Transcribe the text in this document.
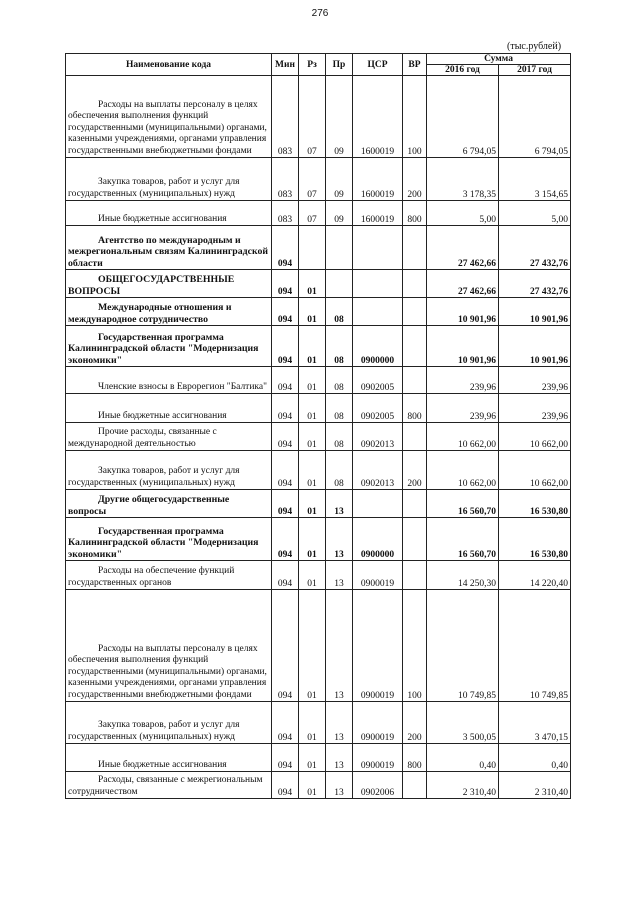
276
(тыс.рублей)
Наименование кода	Мин	Рз	Пр	ЦСР	ВР	Сумма	
						2016 год	2017 год

Расходы на выплаты персоналу в целях обеспечения выполнения функций государственными (муниципальными) органами, казенными учреждениями, органами управления государственными внебюджетными фондами	083	07	09	1600019	100	6 794,05	6 794,05

Закупка товаров, работ и услуг для государственных (муниципальных) нужд	083	07	09	1600019	200	3 178,35	3 154,65

Иные бюджетные ассигнования	083	07	09	1600019	800	5,00	5,00

Агентство по международным и межрегиональным связям Калининградской области	094					27 462,66	27 432,76

ОБЩЕГОСУДАРСТВЕННЫЕ ВОПРОСЫ	094	01				27 462,66	27 432,76

Международные отношения и международное сотрудничество	094	01	08			10 901,96	10 901,96

Государственная программа Калининградской области "Модернизация экономики"	094	01	08	0900000		10 901,96	10 901,96

Членские взносы в Еврорегион "Балтика"	094	01	08	0902005		239,96	239,96

Иные бюджетные ассигнования	094	01	08	0902005	800	239,96	239,96

Прочие расходы, связанные с международной деятельностью	094	01	08	0902013		10 662,00	10 662,00

Закупка товаров, работ и услуг для государственных (муниципальных) нужд	094	01	08	0902013	200	10 662,00	10 662,00

Другие общегосударственные вопросы	094	01	13			16 560,70	16 530,80

Государственная программа Калининградской области "Модернизация экономики"	094	01	13	0900000		16 560,70	16 530,80

Расходы на обеспечение функций государственных органов	094	01	13	0900019		14 250,30	14 220,40

Расходы на выплаты персоналу в целях обеспечения выполнения функций государственными (муниципальными) органами, казенными учреждениями, органами управления государственными внебюджетными фондами	094	01	13	0900019	100	10 749,85	10 749,85

Закупка товаров, работ и услуг для государственных (муниципальных) нужд	094	01	13	0900019	200	3 500,05	3 470,15

Иные бюджетные ассигнования	094	01	13	0900019	800	0,40	0,40

Расходы, связанные с межрегиональным сотрудничеством	094	01	13	0902006		2 310,40	2 310,40
